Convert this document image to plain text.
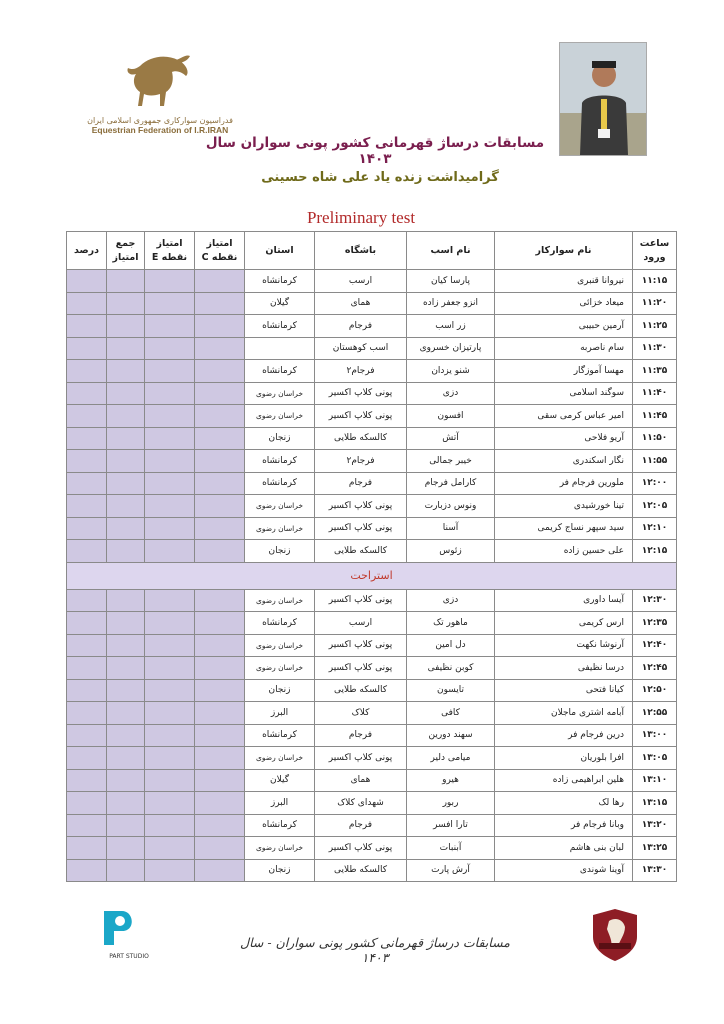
فدراسیون سوارکاری جمهوری اسلامی ایران
Equestrian Federation of I.R.IRAN
مسابقات درساژ قهرمانی کشور پونی سواران سال ۱۴۰۳
گرامیداشت زنده یاد علی شاه حسینی
Preliminary test
ساعت ورود	نام سوارکار	نام اسب	باشگاه	استان	امتیاز نقطه C	امتیاز نقطه E	جمع امتیاز	درصد
۱۱:۱۵	نیروانا قنبری	پارسا کیان	ارسب	کرمانشاه				
۱۱:۲۰	میعاد خزائی	انزو جعفر زاده	همای	گیلان				
۱۱:۲۵	آرمین حبیبی	زر اسب	فرجام	کرمانشاه				
۱۱:۳۰	سام ناصربه	پارتیزان خسروی	اسب کوهستان					
۱۱:۳۵	مهسا آموزگار	شنو یزدان	فرجام۲	کرمانشاه				
۱۱:۴۰	سوگند اسلامی	دزی	پونی کلاپ اکسیر	خراسان رضوی				
۱۱:۴۵	امیر عباس کرمی سقی	افسون	پونی کلاپ اکسیر	خراسان رضوی				
۱۱:۵۰	آریو فلاحی	آتش	کالسکه طلایی	زنجان				
۱۱:۵۵	نگار اسکندری	خیبر جمالی	فرجام۲	کرمانشاه				
۱۲:۰۰	ملورین فرجام فر	کارامل فرجام	فرجام	کرمانشاه				
۱۲:۰۵	تینا خورشیدی	ونوس دزبارت	پونی کلاپ اکسیر	خراسان رضوی				
۱۲:۱۰	سید سپهر نساج کریمی	آسنا	پونی کلاپ اکسیر	خراسان رضوی				
۱۲:۱۵	علی حسین زاده	زئوس	کالسکه طلایی	زنجان				
استراحت								
۱۲:۳۰	آیسا داوری	دزی	پونی کلاپ اکسیر	خراسان رضوی				
۱۲:۳۵	ارس کریمی	ماهور تک	ارسب	کرمانشاه				
۱۲:۴۰	آرنوشا نکهت	دل امین	پونی کلاپ اکسیر	خراسان رضوی				
۱۲:۴۵	درسا نظیفی	کوبن نظیفی	پونی کلاپ اکسیر	خراسان رضوی				
۱۲:۵۰	کیانا فتحی	تایسون	کالسکه طلایی	زنجان				
۱۲:۵۵	آبامه اشتری ماجلان	کافی	کلاک	البرز				
۱۳:۰۰	درین فرجام فر	سهند دورین	فرجام	کرمانشاه				
۱۳:۰۵	افرا بلوریان	میامی دلیر	پونی کلاپ اکسیر	خراسان رضوی				
۱۳:۱۰	هلین ابراهیمی زاده	هیرو	همای	گیلان				
۱۳:۱۵	رها لک	ربور	شهدای کلاک	البرز				
۱۳:۲۰	وبانا فرجام فر	تارا افسر	فرجام	کرمانشاه				
۱۳:۲۵	لبان بنی هاشم	آبنبات	پونی کلاپ اکسیر	خراسان رضوی				
۱۳:۳۰	آوینا شوندی	آرش پارت	کالسکه طلایی	زنجان				
PART STUDIO
مسابقات درساژ قهرمانی کشور پونی سواران - سال ۱۴۰۳
